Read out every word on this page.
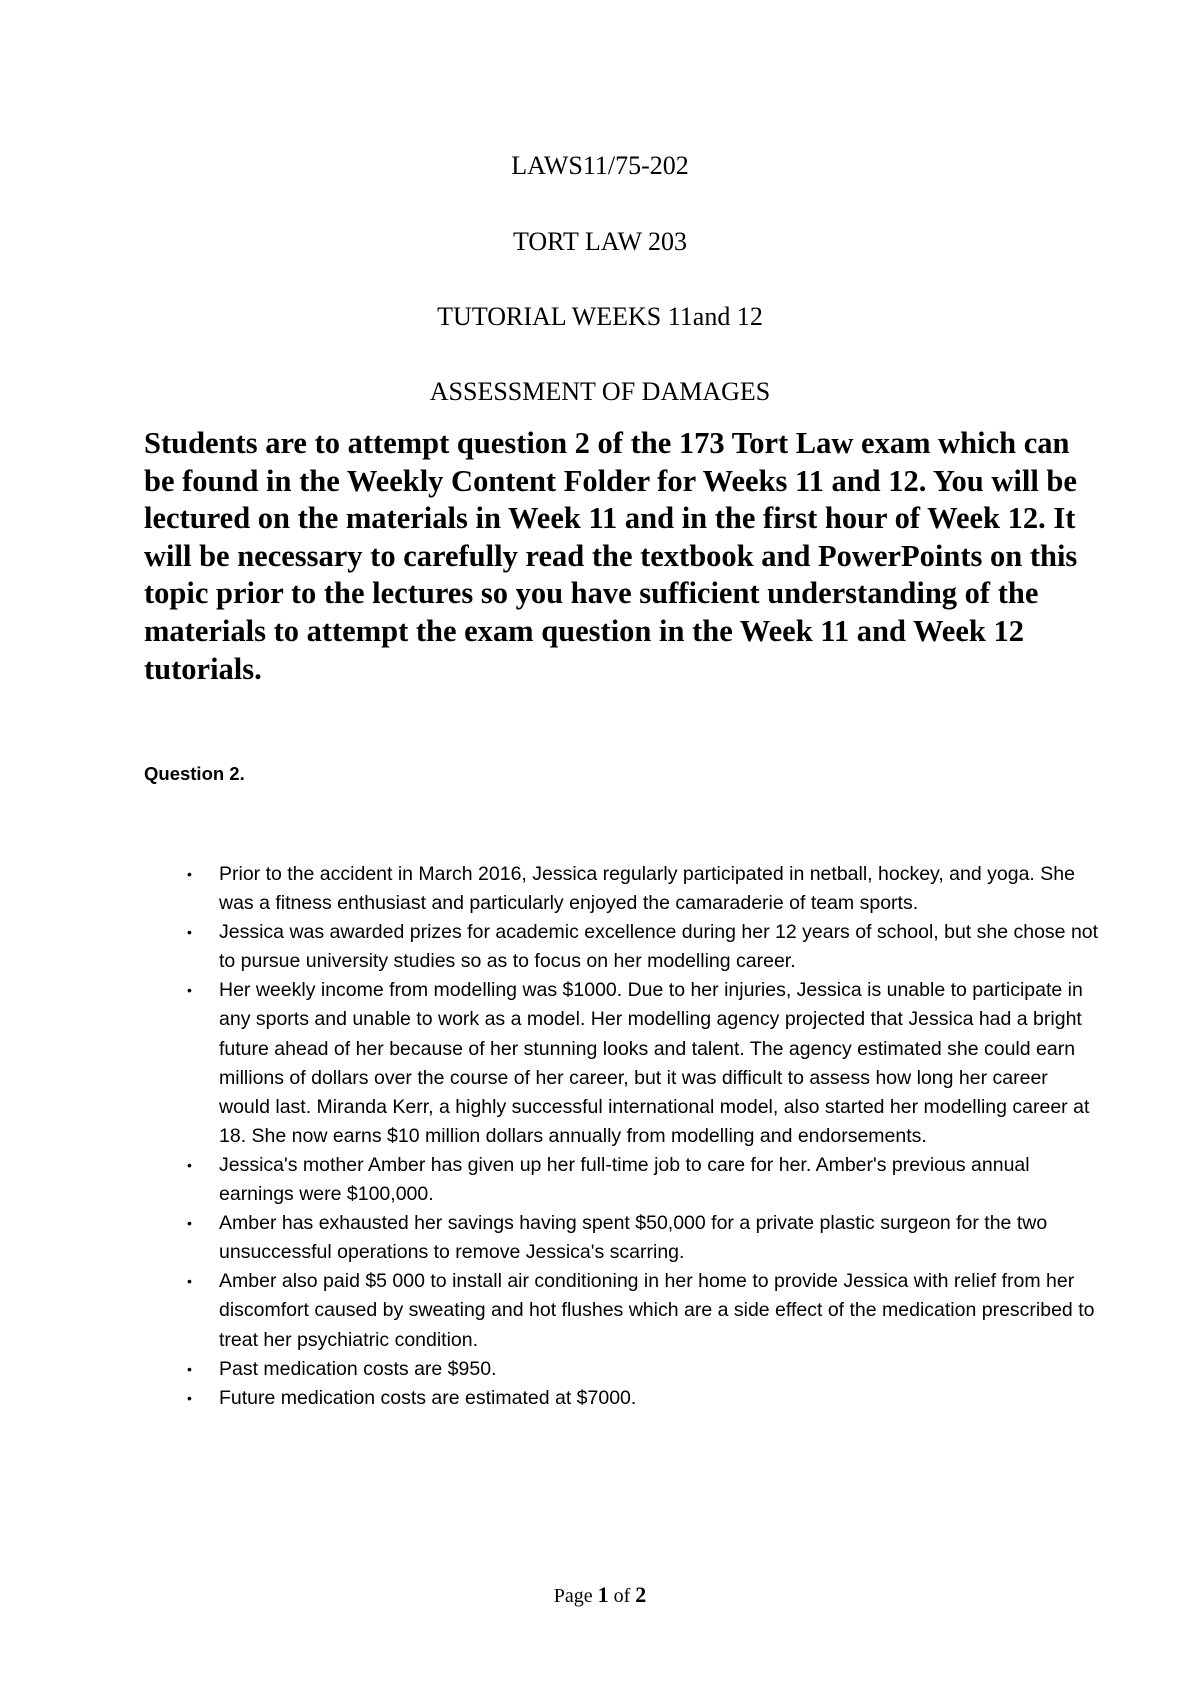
LAWS11/75-202
TORT LAW 203
TUTORIAL WEEKS 11and 12
ASSESSMENT OF DAMAGES

Students are to attempt question 2 of the 173 Tort Law exam which can be found in the Weekly Content Folder for Weeks 11 and 12. You will be lectured on the materials in Week 11 and in the first hour of Week 12. It will be necessary to carefully read the textbook and PowerPoints on this topic prior to the lectures so you have sufficient understanding of the materials to attempt the exam question in the Week 11 and Week 12 tutorials.

Question 2.

• Prior to the accident in March 2016, Jessica regularly participated in netball, hockey, and yoga. She was a fitness enthusiast and particularly enjoyed the camaraderie of team sports.
• Jessica was awarded prizes for academic excellence during her 12 years of school, but she chose not to pursue university studies so as to focus on her modelling career.
• Her weekly income from modelling was $1000. Due to her injuries, Jessica is unable to participate in any sports and unable to work as a model. Her modelling agency projected that Jessica had a bright future ahead of her because of her stunning looks and talent. The agency estimated she could earn millions of dollars over the course of her career, but it was difficult to assess how long her career would last. Miranda Kerr, a highly successful international model, also started her modelling career at 18. She now earns $10 million dollars annually from modelling and endorsements.
• Jessica's mother Amber has given up her full-time job to care for her. Amber's previous annual earnings were $100,000.
• Amber has exhausted her savings having spent $50,000 for a private plastic surgeon for the two unsuccessful operations to remove Jessica's scarring.
• Amber also paid $5 000 to install air conditioning in her home to provide Jessica with relief from her discomfort caused by sweating and hot flushes which are a side effect of the medication prescribed to treat her psychiatric condition.
• Past medication costs are $950.
• Future medication costs are estimated at $7000.
Page 1 of 2
